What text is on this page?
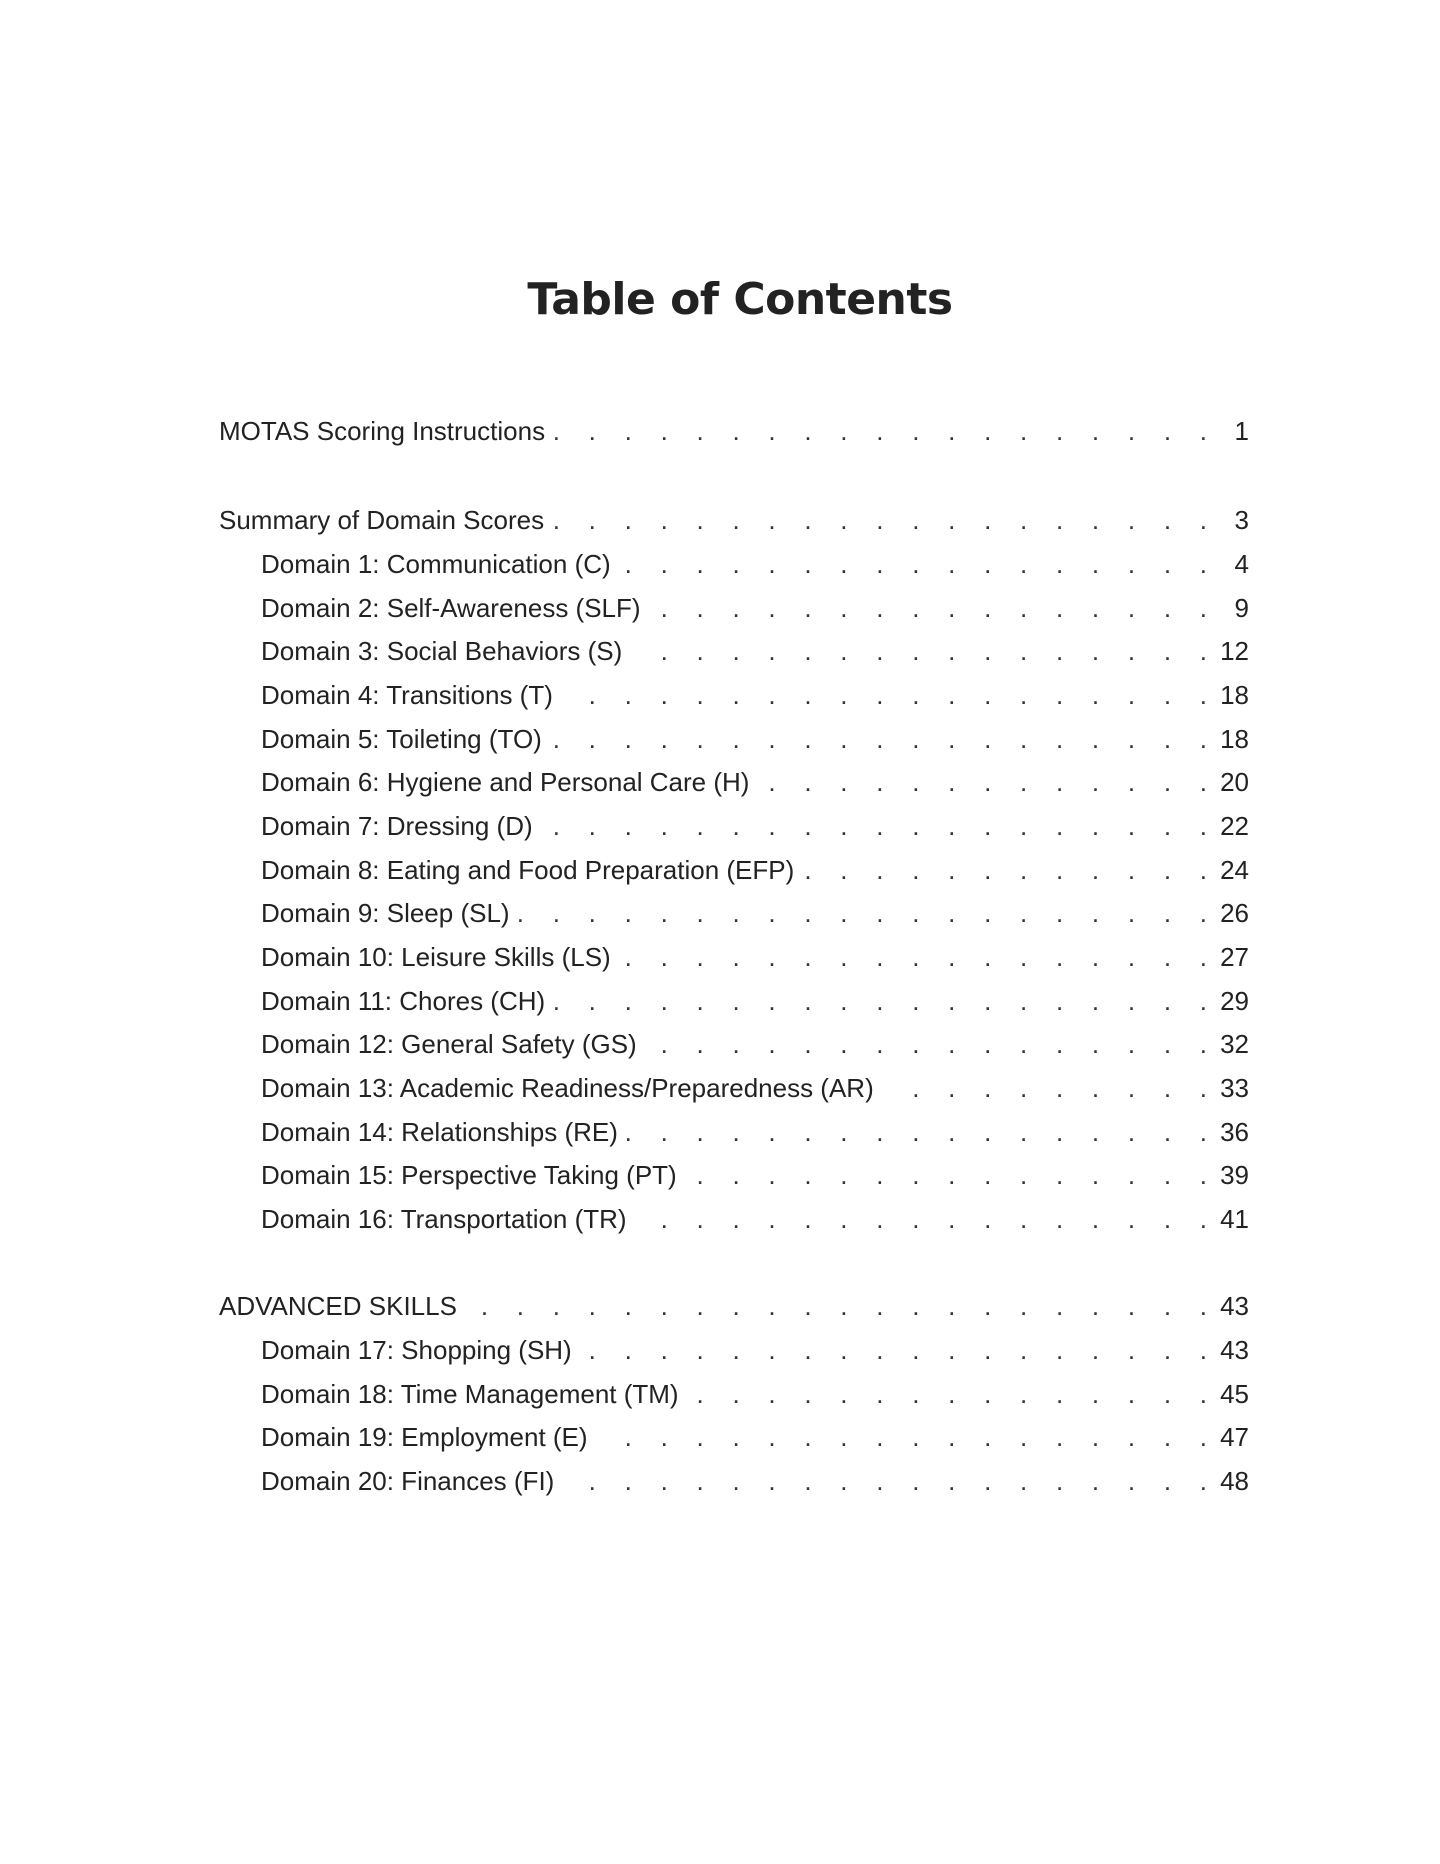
Table of Contents
MOTAS Scoring Instructions . . .	1
Summary of Domain Scores . . .	3
Domain 1: Communication (C) . . .	4
Domain 2: Self-Awareness (SLF) . . .	9
Domain 3: Social Behaviors (S) . . .	12
Domain 4: Transitions (T) . . .	18
Domain 5: Toileting (TO) . . .	18
Domain 6: Hygiene and Personal Care (H) . . .	20
Domain 7: Dressing (D) . . .	22
Domain 8: Eating and Food Preparation (EFP) . . .	24
Domain 9: Sleep (SL) . . .	26
Domain 10: Leisure Skills (LS) . . .	27
Domain 11: Chores (CH) . . .	29
Domain 12: General Safety (GS) . . .	32
Domain 13: Academic Readiness/Preparedness (AR) . . .	33
Domain 14: Relationships (RE) . . .	36
Domain 15: Perspective Taking (PT) . . .	39
Domain 16: Transportation (TR) . . .	41
ADVANCED SKILLS . . .	43
Domain 17: Shopping (SH) . . .	43
Domain 18: Time Management (TM) . . .	45
Domain 19: Employment (E) . . .	47
Domain 20: Finances (FI) . . .	48
